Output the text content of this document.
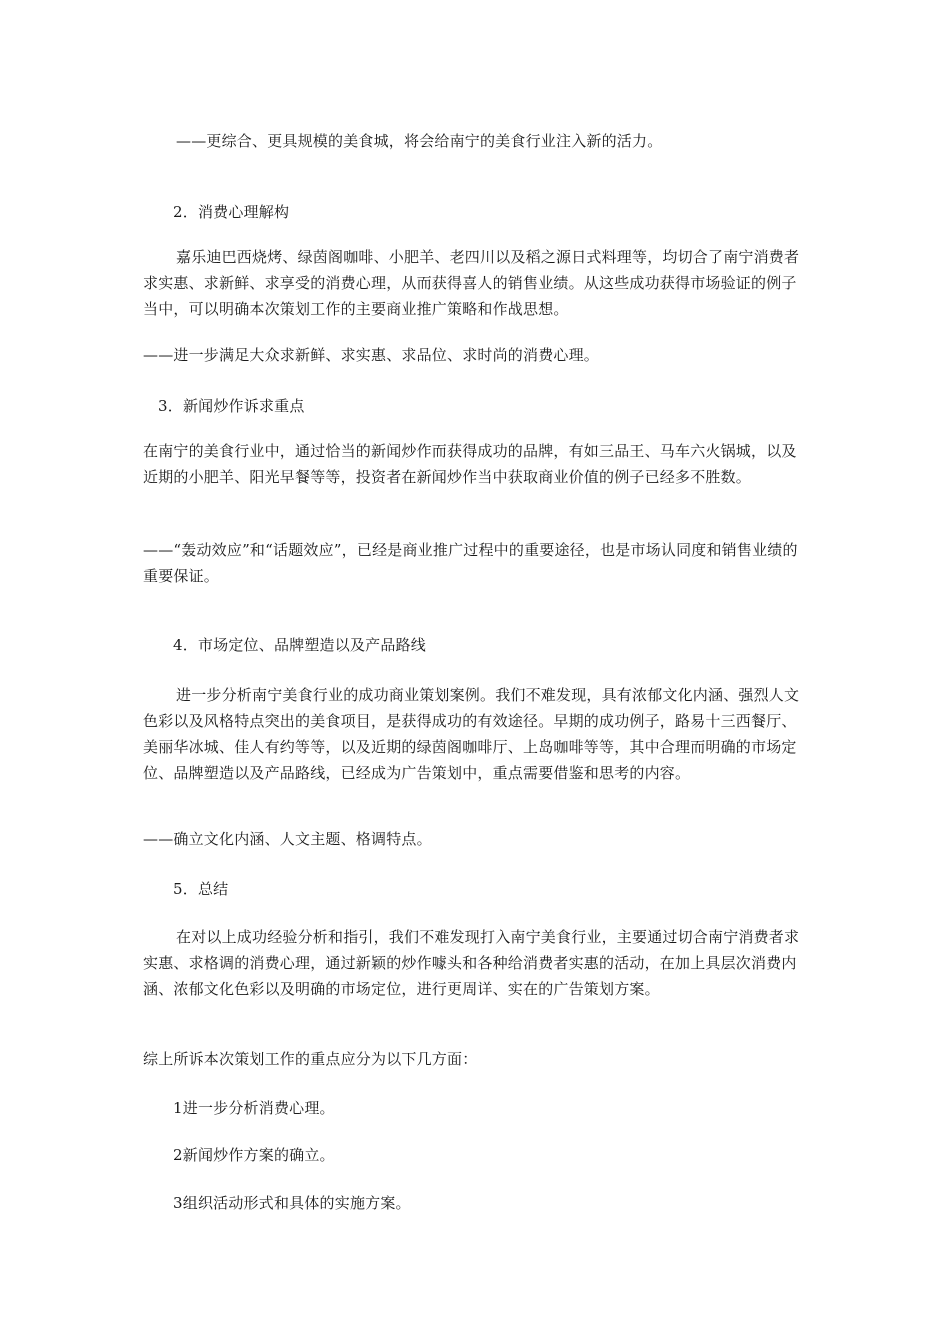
——更综合、更具规模的美食城，将会给南宁的美食行业注入新的活力。

2．消费心理解构

嘉乐迪巴西烧烤、绿茵阁咖啡、小肥羊、老四川以及稻之源日式料理等，均切合了南宁消费者求实惠、求新鲜、求享受的消费心理，从而获得喜人的销售业绩。从这些成功获得市场验证的例子当中，可以明确本次策划工作的主要商业推广策略和作战思想。

——进一步满足大众求新鲜、求实惠、求品位、求时尚的消费心理。

3．新闻炒作诉求重点

在南宁的美食行业中，通过恰当的新闻炒作而获得成功的品牌，有如三品王、马车六火锅城，以及近期的小肥羊、阳光早餐等等，投资者在新闻炒作当中获取商业价值的例子已经多不胜数。

——“轰动效应”和“话题效应”，已经是商业推广过程中的重要途径，也是市场认同度和销售业绩的重要保证。

4．市场定位、品牌塑造以及产品路线

进一步分析南宁美食行业的成功商业策划案例。我们不难发现，具有浓郁文化内涵、强烈人文色彩以及风格特点突出的美食项目，是获得成功的有效途径。早期的成功例子，路易十三西餐厅、美丽华冰城、佳人有约等等，以及近期的绿茵阁咖啡厅、上岛咖啡等等，其中合理而明确的市场定位、品牌塑造以及产品路线，已经成为广告策划中，重点需要借鉴和思考的内容。

——确立文化内涵、人文主题、格调特点。

5．总结

在对以上成功经验分析和指引，我们不难发现打入南宁美食行业，主要通过切合南宁消费者求实惠、求格调的消费心理，通过新颖的炒作噱头和各种给消费者实惠的活动，在加上具层次消费内涵、浓郁文化色彩以及明确的市场定位，进行更周详、实在的广告策划方案。

综上所诉本次策划工作的重点应分为以下几方面：

1进一步分析消费心理。

2新闻炒作方案的确立。

3组织活动形式和具体的实施方案。
